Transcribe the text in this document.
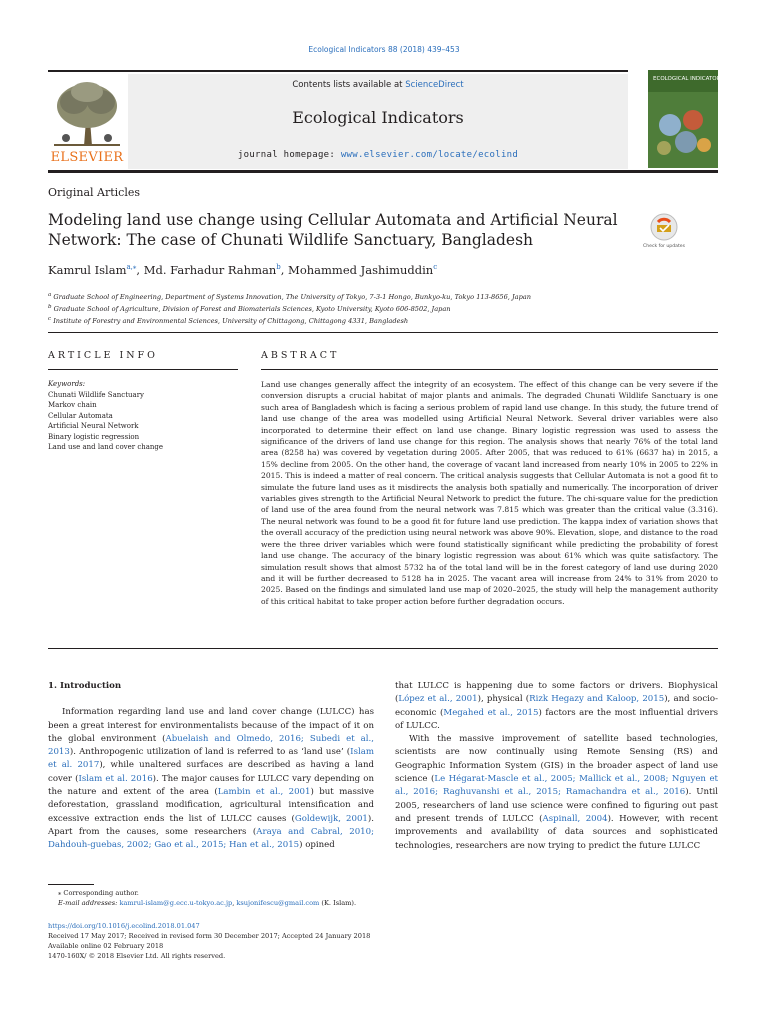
Ecological Indicators 88 (2018) 439–453
ELSEVIER
Contents lists available at ScienceDirect
Ecological Indicators
journal homepage: www.elsevier.com/locate/ecolind
ECOLOGICAL INDICATORS
Original Articles
Modeling land use change using Cellular Automata and Artificial Neural Network: The case of Chunati Wildlife Sanctuary, Bangladesh	Check for updates
Kamrul Islam$^{a,⁎}$, Md. Farhadur Rahman$^b$, Mohammed Jashimuddin$^c$
$^a$ Graduate School of Engineering, Department of Systems Innovation, The University of Tokyo, 7-3-1 Hongo, Bunkyo-ku, Tokyo 113-8656, Japan
$^b$ Graduate School of Agriculture, Division of Forest and Biomaterials Sciences, Kyoto University, Kyoto 606-8502, Japan
$^c$ Institute of Forestry and Environmental Sciences, University of Chittagong, Chittagong 4331, Bangladesh
ARTICLE INFO	ABSTRACT
Keywords:
Chunati Wildlife Sanctuary
Markov chain
Cellular Automata
Artificial Neural Network
Binary logistic regression
Land use and land cover change
Land use changes generally affect the integrity of an ecosystem. The effect of this change can be very severe if the conversion disrupts a crucial habitat of major plants and animals. The degraded Chunati Wildlife Sanctuary is one such area of Bangladesh which is facing a serious problem of rapid land use change. In this study, the future trend of land use change of the area was modelled using Artificial Neural Network. Several driver variables were also incorporated to determine their effect on land use change. Binary logistic regression was used to assess the significance of the drivers of land use change for this region. The analysis shows that nearly 76% of the total land area (8258 ha) was covered by vegetation during 2005. After 2005, that was reduced to 61% (6637 ha) in 2015, a 15% decline from 2005. On the other hand, the coverage of vacant land increased from nearly 10% in 2005 to 22% in 2015. This is indeed a matter of real concern. The critical analysis suggests that Cellular Automata is not a good fit to simulate the future land uses as it misdirects the analysis both spatially and numerically. The incorporation of driver variables gives strength to the Artificial Neural Network to predict the future. The chi-square value for the prediction of land use of the area found from the neural network was 7.815 which was greater than the critical value (3.316). The neural network was found to be a good fit for future land use prediction. The kappa index of variation shows that the overall accuracy of the prediction using neural network was above 90%. Elevation, slope, and distance to the road were the three driver variables which were found statistically significant while predicting the probability of forest land use change. The accuracy of the binary logistic regression was about 61% which was quite satisfactory. The simulation result shows that almost 5732 ha of the total land will be in the forest category of land use during 2020 and it will be further decreased to 5128 ha in 2025. The vacant area will increase from 24% to 31% from 2020 to 2025. Based on the findings and simulated land use map of 2020–2025, the study will help the management authority of this critical habitat to take proper action before further degradation occurs.
1. Introduction

Information regarding land use and land cover change (LULCC) has been a great interest for environmentalists because of the impact of it on the global environment (Abuelaish and Olmedo, 2016; Subedi et al., 2013). Anthropogenic utilization of land is referred to as ‘land use’ (Islam et al. 2017), while unaltered surfaces are described as having a land cover (Islam et al. 2016). The major causes for LULCC vary depending on the nature and extent of the area (Lambin et al., 2001) but massive deforestation, grassland modification, agricultural intensification and excessive extraction ends the list of LULCC causes (Goldewijk, 2001). Apart from the causes, some researchers (Araya and Cabral, 2010; Dahdouh-guebas, 2002; Gao et al., 2015; Han et al., 2015) opined

that LULCC is happening due to some factors or drivers. Biophysical (López et al., 2001), physical (Rizk Hegazy and Kaloop, 2015), and socio-economic (Megahed et al., 2015) factors are the most influential drivers of LULCC.

With the massive improvement of satellite based technologies, scientists are now continually using Remote Sensing (RS) and Geographic Information System (GIS) in the broader aspect of land use science (Le Hégarat-Mascle et al., 2005; Mallick et al., 2008; Nguyen et al., 2016; Raghuvanshi et al., 2015; Ramachandra et al., 2016). Until 2005, researchers of land use science were confined to figuring out past and present trends of LULCC (Aspinall, 2004). However, with recent improvements and availability of data sources and sophisticated technologies, researchers are now trying to predict the future LULCC

⁎ Corresponding author.
E-mail addresses: kamrul-islam@g.ecc.u-tokyo.ac.jp, ksujonifescu@gmail.com (K. Islam).
https://doi.org/10.1016/j.ecolind.2018.01.047
Received 17 May 2017; Received in revised form 30 December 2017; Accepted 24 January 2018
Available online 02 February 2018
1470-160X/ © 2018 Elsevier Ltd. All rights reserved.
